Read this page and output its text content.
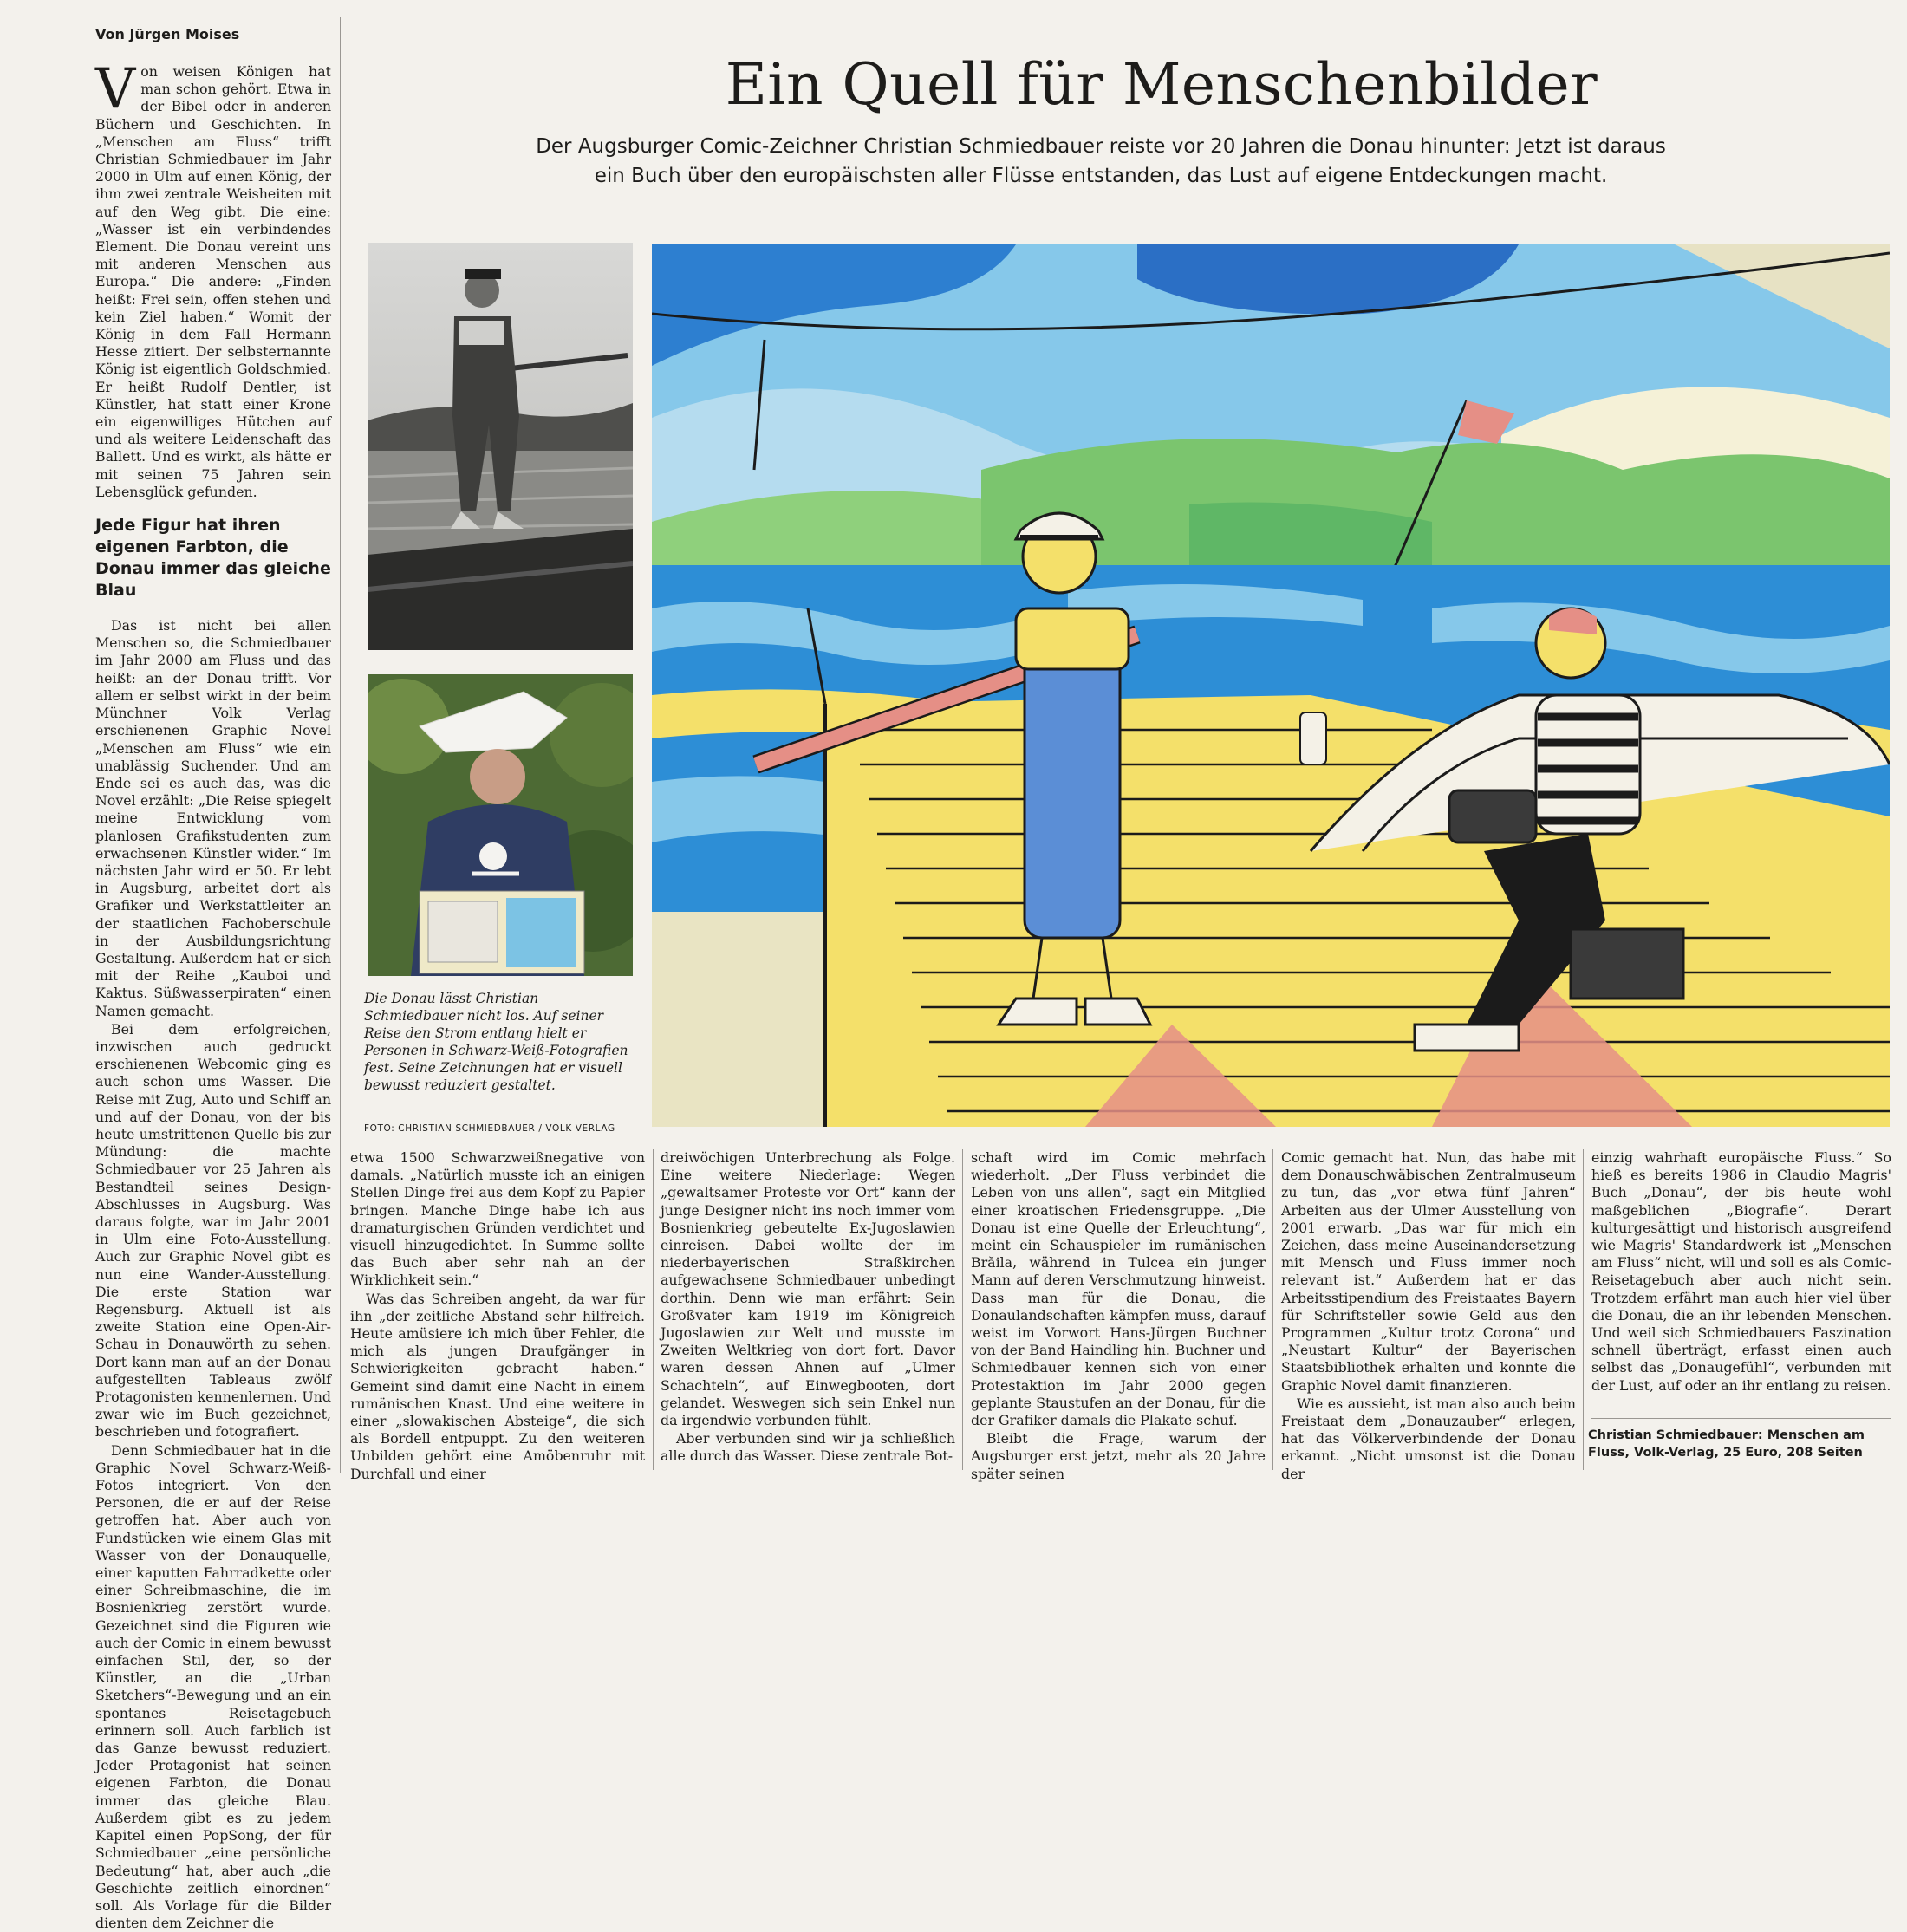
Von Jürgen Moises
Von weisen Königen hat man schon gehört. Etwa in der Bibel oder in anderen Büchern und Geschichten. In „Menschen am Fluss“ trifft Christian Schmiedbauer im Jahr 2000 in Ulm auf einen König, der ihm zwei zentrale Weisheiten mit auf den Weg gibt. Die eine: „Wasser ist ein verbindendes Element. Die Donau vereint uns mit anderen Menschen aus Europa.“ Die andere: „Finden heißt: Frei sein, offen stehen und kein Ziel haben.“ Womit der König in dem Fall Hermann Hesse zitiert. Der selbsternannte König ist eigentlich Goldschmied. Er heißt Rudolf Dentler, ist Künstler, hat statt einer Krone ein eigenwilliges Hütchen auf und als weitere Leidenschaft das Ballett. Und es wirkt, als hätte er mit seinen 75 Jahren sein Lebensglück gefunden.
Jede Figur hat ihren eigenen Farbton, die Donau immer das gleiche Blau

Das ist nicht bei allen Menschen so, die Schmiedbauer im Jahr 2000 am Fluss und das heißt: an der Donau trifft. Vor allem er selbst wirkt in der beim Münchner Volk Verlag erschienenen Graphic Novel „Menschen am Fluss“ wie ein unablässig Suchender. Und am Ende sei es auch das, was die Novel erzählt: „Die Reise spiegelt meine Entwicklung vom planlosen Grafikstudenten zum erwachsenen Künstler wider.“ Im nächsten Jahr wird er 50. Er lebt in Augsburg, arbeitet dort als Grafiker und Werkstattleiter an der staatlichen Fachoberschule in der Ausbildungsrichtung Gestaltung. Außerdem hat er sich mit der Reihe „Kauboi und Kaktus. Süßwasserpiraten“ einen Namen gemacht.

Bei dem erfolgreichen, inzwischen auch gedruckt erschienenen Webcomic ging es auch schon ums Wasser. Die Reise mit Zug, Auto und Schiff an und auf der Donau, von der bis heute umstrittenen Quelle bis zur Mündung: die machte Schmiedbauer vor 25 Jahren als Bestandteil seines Design-Abschlusses in Augsburg. Was daraus folgte, war im Jahr 2001 in Ulm eine Foto-Ausstellung. Auch zur Graphic Novel gibt es nun eine Wander-Ausstellung. Die erste Station war Regensburg. Aktuell ist als zweite Station eine Open-Air-Schau in Donauwörth zu sehen. Dort kann man auf an der Donau aufgestellten Tableaus zwölf Protagonisten kennenlernen. Und zwar wie im Buch gezeichnet, beschrieben und fotografiert.

Denn Schmiedbauer hat in die Graphic Novel Schwarz-Weiß-Fotos integriert. Von den Personen, die er auf der Reise getroffen hat. Aber auch von Fundstücken wie einem Glas mit Wasser von der Donauquelle, einer kaputten Fahrradkette oder einer Schreibmaschine, die im Bosnienkrieg zerstört wurde. Gezeichnet sind die Figuren wie auch der Comic in einem bewusst einfachen Stil, der, so der Künstler, an die „Urban Sketchers“-Bewegung und an ein spontanes Reisetagebuch erinnern soll. Auch farblich ist das Ganze bewusst reduziert. Jeder Protagonist hat seinen eigenen Farbton, die Donau immer das gleiche Blau. Außerdem gibt es zu jedem Kapitel einen PopSong, der für Schmiedbauer „eine persönliche Bedeutung“ hat, aber auch „die Geschichte zeitlich einordnen“ soll. Als Vorlage für die Bilder dienten dem Zeichner die

Ein Quell für Menschenbilder
Der Augsburger Comic-Zeichner Christian Schmiedbauer reiste vor 20 Jahren die Donau hinunter: Jetzt ist daraus ein Buch über den europäischsten aller Flüsse entstanden, das Lust auf eigene Entdeckungen macht.
Die Donau lässt Christian Schmiedbauer nicht los. Auf seiner Reise den Strom entlang hielt er Personen in Schwarz-Weiß-Fotografien fest. Seine Zeichnungen hat er visuell bewusst reduziert gestaltet.
FOTO: CHRISTIAN SCHMIEDBAUER / VOLK VERLAG

etwa 1500 Schwarzweißnegative von damals. „Natürlich musste ich an einigen Stellen Dinge frei aus dem Kopf zu Papier bringen. Manche Dinge habe ich aus dramaturgischen Gründen verdichtet und visuell hinzugedichtet. In Summe sollte das Buch aber sehr nah an der Wirklichkeit sein.“

Was das Schreiben angeht, da war für ihn „der zeitliche Abstand sehr hilfreich. Heute amüsiere ich mich über Fehler, die mich als jungen Draufgänger in Schwierigkeiten gebracht haben.“ Gemeint sind damit eine Nacht in einem rumänischen Knast. Und eine weitere in einer „slowakischen Absteige“, die sich als Bordell entpuppt. Zu den weiteren Unbilden gehört eine Amöbenruhr mit Durchfall und einer

dreiwöchigen Unterbrechung als Folge. Eine weitere Niederlage: Wegen „gewaltsamer Proteste vor Ort“ kann der junge Designer nicht ins noch immer vom Bosnienkrieg gebeutelte Ex-Jugoslawien einreisen. Dabei wollte der im niederbayerischen Straßkirchen aufgewachsene Schmiedbauer unbedingt dorthin. Denn wie man erfährt: Sein Großvater kam 1919 im Königreich Jugoslawien zur Welt und musste im Zweiten Weltkrieg von dort fort. Davor waren dessen Ahnen auf „Ulmer Schachteln“, auf Einwegbooten, dort gelandet. Weswegen sich sein Enkel nun da irgendwie verbunden fühlt.

Aber verbunden sind wir ja schließlich alle durch das Wasser. Diese zentrale Bot-

schaft wird im Comic mehrfach wiederholt. „Der Fluss verbindet die Leben von uns allen“, sagt ein Mitglied einer kroatischen Friedensgruppe. „Die Donau ist eine Quelle der Erleuchtung“, meint ein Schauspieler im rumänischen Brăila, während in Tulcea ein junger Mann auf deren Verschmutzung hinweist. Dass man für die Donau, die Donaulandschaften kämpfen muss, darauf weist im Vorwort Hans-Jürgen Buchner von der Band Haindling hin. Buchner und Schmiedbauer kennen sich von einer Protestaktion im Jahr 2000 gegen geplante Staustufen an der Donau, für die der Grafiker damals die Plakate schuf.

Bleibt die Frage, warum der Augsburger erst jetzt, mehr als 20 Jahre später seinen

Comic gemacht hat. Nun, das habe mit dem Donauschwäbischen Zentralmuseum zu tun, das „vor etwa fünf Jahren“ Arbeiten aus der Ulmer Ausstellung von 2001 erwarb. „Das war für mich ein Zeichen, dass meine Auseinandersetzung mit Mensch und Fluss immer noch relevant ist.“ Außerdem hat er das Arbeitsstipendium des Freistaates Bayern für Schriftsteller sowie Geld aus den Programmen „Kultur trotz Corona“ und „Neustart Kultur“ der Bayerischen Staatsbibliothek erhalten und konnte die Graphic Novel damit finanzieren.

Wie es aussieht, ist man also auch beim Freistaat dem „Donauzauber“ erlegen, hat das Völkerverbindende der Donau erkannt. „Nicht umsonst ist die Donau der

einzig wahrhaft europäische Fluss.“ So hieß es bereits 1986 in Claudio Magris' Buch „Donau“, der bis heute wohl maßgeblichen „Biografie“. Derart kulturgesättigt und historisch ausgreifend wie Magris' Standardwerk ist „Menschen am Fluss“ nicht, will und soll es als Comic-Reisetagebuch aber auch nicht sein. Trotzdem erfährt man auch hier viel über die Donau, die an ihr lebenden Menschen. Und weil sich Schmiedbauers Faszination schnell überträgt, erfasst einen auch selbst das „Donaugefühl“, verbunden mit der Lust, auf oder an ihr entlang zu reisen.

Christian Schmiedbauer: Menschen am Fluss, Volk-Verlag, 25 Euro, 208 Seiten
